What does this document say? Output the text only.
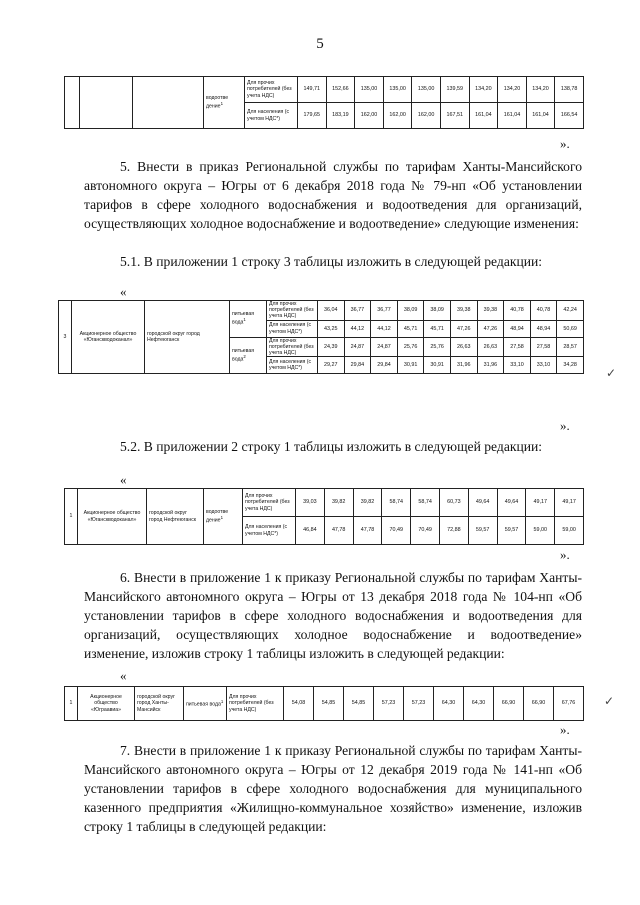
5
			водоотве дение$^1$	Для прочих потребителей (без учета НДС)	149,71	152,66	135,00	135,00	135,00	139,59	134,20	134,20	134,20	138,78
				Для населения (с учетом НДС*)	179,65	183,19	162,00	162,00	162,00	167,51	161,04	161,04	161,04	166,54
».
5. Внести в приказ Региональной службы по тарифам Ханты-Мансийского автономного округа – Югры от 6 декабря 2018 года № 79-нп «Об установлении тарифов в сфере холодного водоснабжения и водоотведения для организаций, осуществляющих холодное водоснабжение и водоотведение» следующие изменения:
5.1. В приложении 1 строку 3 таблицы изложить в следующей редакции:
«
3	Акционерное общество «Юганскводоканал»	городской округ город Нефтеюганск	питьевая вода$^1$	Для прочих потребителей (без учета НДС)	36,04	36,77	36,77	38,09	38,09	39,38	39,38	40,78	40,78	42,24
				Для населения (с учетом НДС*)	43,25	44,12	44,12	45,71	45,71	47,26	47,26	48,94	48,94	50,69
			питьевая вода$^2$	Для прочих потребителей (без учета НДС)	24,39	24,87	24,87	25,76	25,76	26,63	26,63	27,58	27,58	28,57
				Для населения (с учетом НДС*)	29,27	29,84	29,84	30,91	30,91	31,96	31,96	33,10	33,10	34,28
».
✓
5.2. В приложении 2 строку 1 таблицы изложить в следующей редакции:
«
1	Акционерное общество «Юганскводоканал»	городской округ город Нефтеюганск	водоотве дение$^1$	Для прочих потребителей (без учета НДС)	39,03	39,82	39,82	58,74	58,74	60,73	49,64	49,64	49,17	49,17
				Для населения (с учетом НДС*)	46,84	47,78	47,78	70,49	70,49	72,88	59,57	59,57	59,00	59,00
».
6. Внести в приложение 1 к приказу Региональной службы по тарифам Ханты-Мансийского автономного округа – Югры от 13 декабря 2018 года № 104-нп «Об установлении тарифов в сфере холодного водоснабжения и водоотведения для организаций, осуществляющих холодное водоснабжение и водоотведение» изменение, изложив строку 1 таблицы изложить в следующей редакции:
«
1	Акционерное общество «Юграавиа»	городской округ город Ханты-Мансийск	питьевая вода$^1$	Для прочих потребителей (без учета НДС)	54,08	54,85	54,85	57,23	57,23	64,30	64,30	66,90	66,90	67,76
».
✓
7. Внести в приложение 1 к приказу Региональной службы по тарифам Ханты-Мансийского автономного округа – Югры от 12 декабря 2019 года № 141-нп «Об установлении тарифов в сфере холодного водоснабжения для муниципального казенного предприятия «Жилищно-коммунальное хозяйство» изменение, изложив строку 1 таблицы в следующей редакции:
